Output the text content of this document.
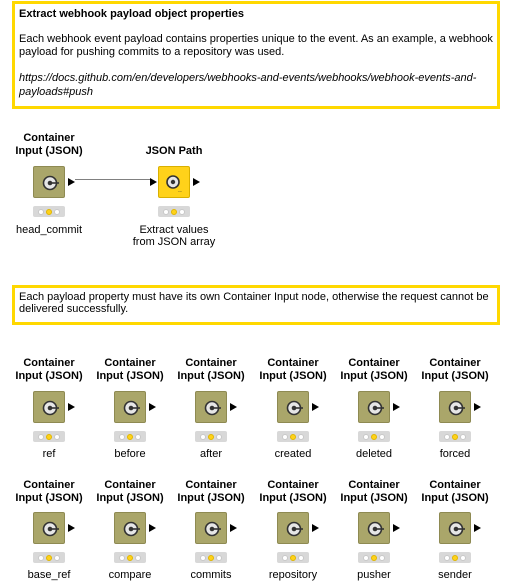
Extract webhook payload object properties

Each webhook event payload contains properties unique to the event. As an example, a webhook payload for pushing commits to a repository was used.

https://docs.github.com/en/developers/webhooks-and-events/webhooks/webhook-events-and-payloads#push

Container
Input (JSON)
head_commit
JSON Path
..
Extract values
from JSON array

Each payload property must have its own Container Input node, otherwise the request cannot be delivered successfully.

Container
Input (JSON)
ref
Container
Input (JSON)
before
Container
Input (JSON)
after
Container
Input (JSON)
created
Container
Input (JSON)
deleted
Container
Input (JSON)
forced
Container
Input (JSON)
base_ref
Container
Input (JSON)
compare
Container
Input (JSON)
commits
Container
Input (JSON)
repository
Container
Input (JSON)
pusher
Container
Input (JSON)
sender
